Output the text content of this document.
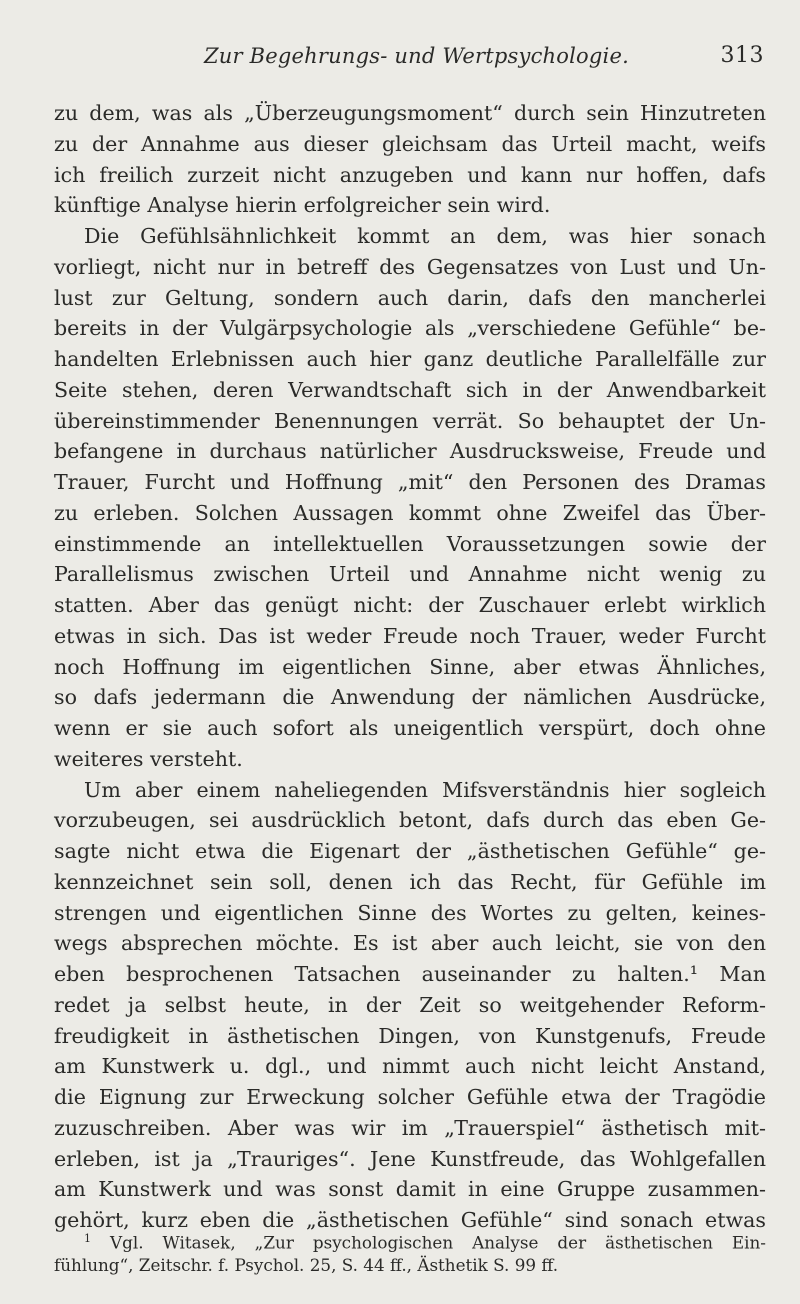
Zur Begehrungs- und Wertpsychologie.	313
zu dem, was als „Überzeugungsmoment“ durch sein Hinzutreten
zu der Annahme aus dieser gleichsam das Urteil macht, weifs
ich freilich zurzeit nicht anzugeben und kann nur hoffen, dafs
künftige Analyse hierin erfolgreicher sein wird.
Die Gefühlsähnlichkeit kommt an dem, was hier sonach
vorliegt, nicht nur in betreff des Gegensatzes von Lust und Un-
lust zur Geltung, sondern auch darin, dafs den mancherlei
bereits in der Vulgärpsychologie als „verschiedene Gefühle“ be-
handelten Erlebnissen auch hier ganz deutliche Parallelfälle zur
Seite stehen, deren Verwandtschaft sich in der Anwendbarkeit
übereinstimmender Benennungen verrät. So behauptet der Un-
befangene in durchaus natürlicher Ausdrucksweise, Freude und
Trauer, Furcht und Hoffnung „mit“ den Personen des Dramas
zu erleben. Solchen Aussagen kommt ohne Zweifel das Über-
einstimmende an intellektuellen Voraussetzungen sowie der
Parallelismus zwischen Urteil und Annahme nicht wenig zu
statten. Aber das genügt nicht: der Zuschauer erlebt wirklich
etwas in sich. Das ist weder Freude noch Trauer, weder Furcht
noch Hoffnung im eigentlichen Sinne, aber etwas Ähnliches,
so dafs jedermann die Anwendung der nämlichen Ausdrücke,
wenn er sie auch sofort als uneigentlich verspürt, doch ohne
weiteres versteht.
Um aber einem naheliegenden Mifsverständnis hier sogleich
vorzubeugen, sei ausdrücklich betont, dafs durch das eben Ge-
sagte nicht etwa die Eigenart der „ästhetischen Gefühle“ ge-
kennzeichnet sein soll, denen ich das Recht, für Gefühle im
strengen und eigentlichen Sinne des Wortes zu gelten, keines-
wegs absprechen möchte. Es ist aber auch leicht, sie von den
eben besprochenen Tatsachen auseinander zu halten.¹ Man
redet ja selbst heute, in der Zeit so weitgehender Reform-
freudigkeit in ästhetischen Dingen, von Kunstgenufs, Freude
am Kunstwerk u. dgl., und nimmt auch nicht leicht Anstand,
die Eignung zur Erweckung solcher Gefühle etwa der Tragödie
zuzuschreiben. Aber was wir im „Trauerspiel“ ästhetisch mit-
erleben, ist ja „Trauriges“. Jene Kunstfreude, das Wohlgefallen
am Kunstwerk und was sonst damit in eine Gruppe zusammen-
gehört, kurz eben die „ästhetischen Gefühle“ sind sonach etwas
$^1$ Vgl. Witasek, „Zur psychologischen Analyse der ästhetischen Ein-
fühlung“, Zeitschr. f. Psychol. 25, S. 44 ff., Ästhetik S. 99 ff.
